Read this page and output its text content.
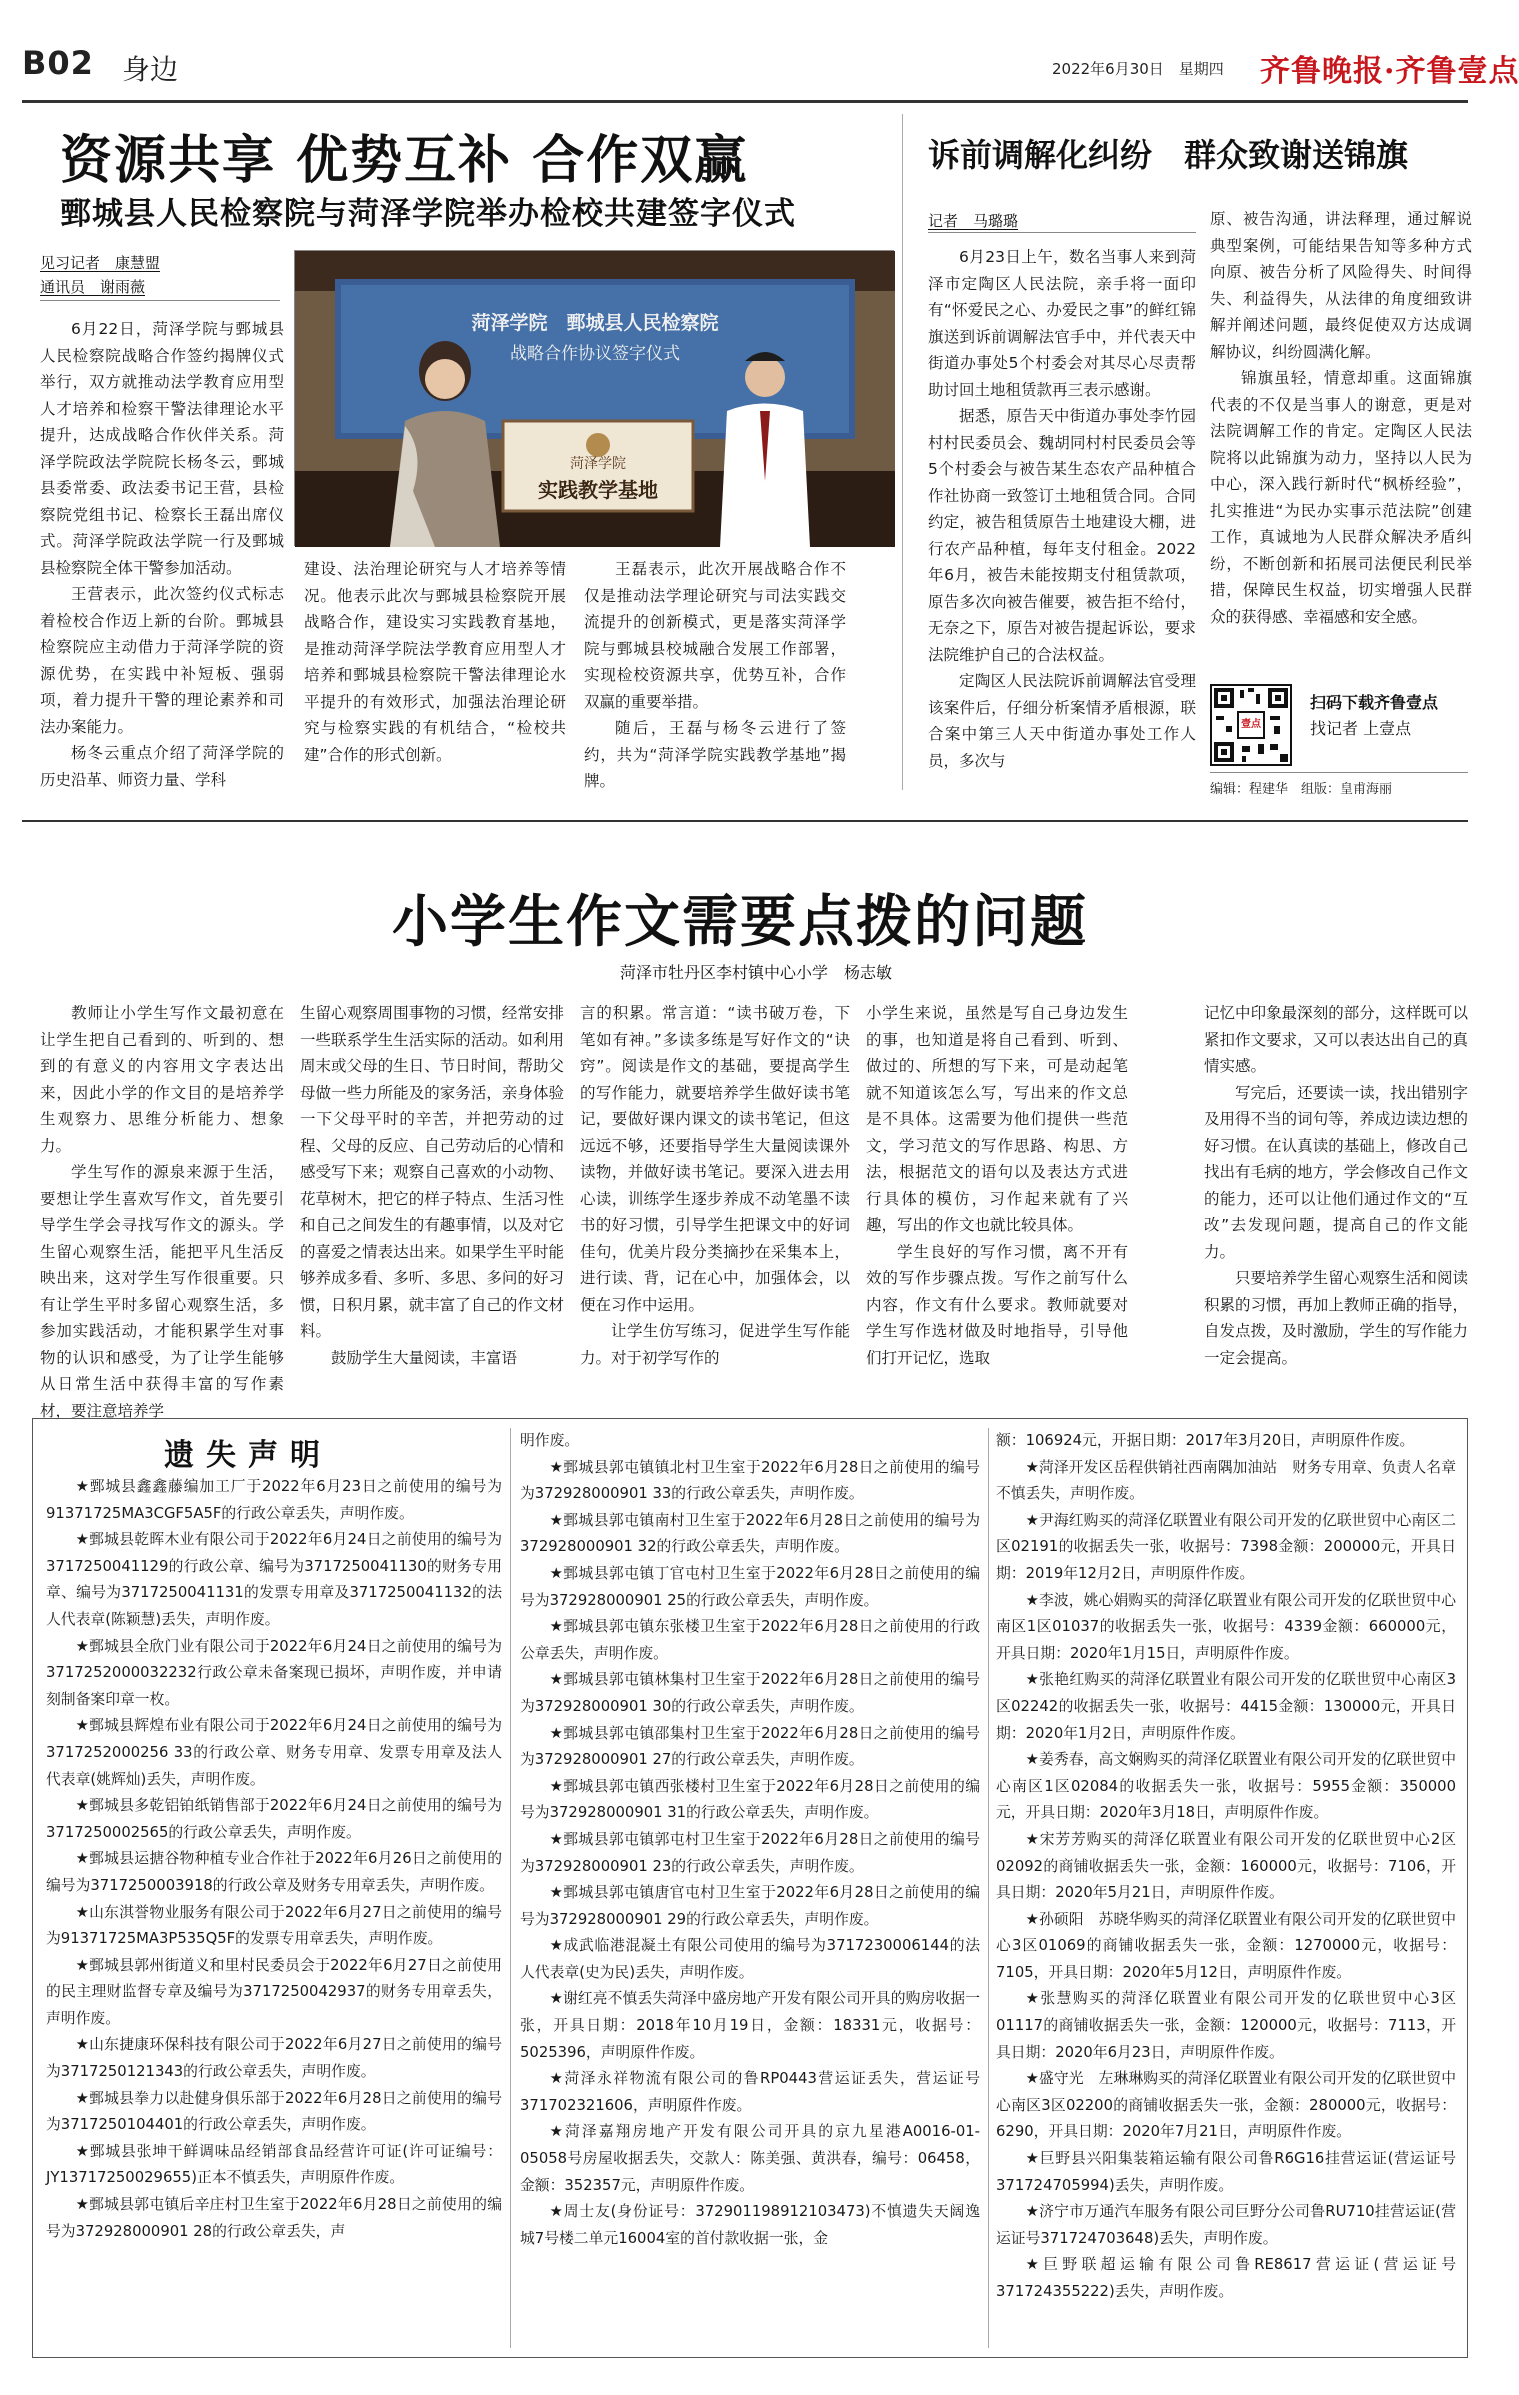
B02 身边	2022年6月30日　星期四 齐鲁晚报·齐鲁壹点
资源共享 优势互补 合作双赢
鄄城县人民检察院与菏泽学院举办检校共建签字仪式
见习记者　康慧盟
通讯员　谢雨薇
菏泽学院　鄄城县人民检察院
战略合作协议签字仪式
菏泽学院
实践教学基地

6月22日，菏泽学院与鄄城县人民检察院战略合作签约揭牌仪式举行，双方就推动法学教育应用型人才培养和检察干警法律理论水平提升，达成战略合作伙伴关系。菏泽学院政法学院院长杨冬云，鄄城县委常委、政法委书记王营，县检察院党组书记、检察长王磊出席仪式。菏泽学院政法学院一行及鄄城县检察院全体干警参加活动。

王营表示，此次签约仪式标志着检校合作迈上新的台阶。鄄城县检察院应主动借力于菏泽学院的资源优势，在实践中补短板、强弱项，着力提升干警的理论素养和司法办案能力。

杨冬云重点介绍了菏泽学院的历史沿革、师资力量、学科

建设、法治理论研究与人才培养等情况。他表示此次与鄄城县检察院开展战略合作，建设实习实践教育基地，是推动菏泽学院法学教育应用型人才培养和鄄城县检察院干警法律理论水平提升的有效形式，加强法治理论研究与检察实践的有机结合，“检校共建”合作的形式创新。

王磊表示，此次开展战略合作不仅是推动法学理论研究与司法实践交流提升的创新模式，更是落实菏泽学院与鄄城县校城融合发展工作部署，实现检校资源共享，优势互补，合作双赢的重要举措。

随后，王磊与杨冬云进行了签约，共为“菏泽学院实践教学基地”揭牌。

诉前调解化纠纷　群众致谢送锦旗
记者　马璐璐

6月23日上午，数名当事人来到菏泽市定陶区人民法院，亲手将一面印有“怀爱民之心、办爱民之事”的鲜红锦旗送到诉前调解法官手中，并代表天中街道办事处5个村委会对其尽心尽责帮助讨回土地租赁款再三表示感谢。

据悉，原告天中街道办事处李竹园村村民委员会、魏胡同村村民委员会等5个村委会与被告某生态农产品种植合作社协商一致签订土地租赁合同。合同约定，被告租赁原告土地建设大棚，进行农产品种植，每年支付租金。2022年6月，被告未能按期支付租赁款项，原告多次向被告催要，被告拒不给付，无奈之下，原告对被告提起诉讼，要求法院维护自己的合法权益。

定陶区人民法院诉前调解法官受理该案件后，仔细分析案情矛盾根源，联合案中第三人天中街道办事处工作人员，多次与

原、被告沟通，讲法释理，通过解说典型案例，可能结果告知等多种方式向原、被告分析了风险得失、时间得失、利益得失，从法律的角度细致讲解并阐述问题，最终促使双方达成调解协议，纠纷圆满化解。

锦旗虽轻，情意却重。这面锦旗代表的不仅是当事人的谢意，更是对法院调解工作的肯定。定陶区人民法院将以此锦旗为动力，坚持以人民为中心，深入践行新时代“枫桥经验”，扎实推进“为民办实事示范法院”创建工作，真诚地为人民群众解决矛盾纠纷，不断创新和拓展司法便民利民举措，保障民生权益，切实增强人民群众的获得感、幸福感和安全感。

壹点
扫码下载齐鲁壹点
找记者 上壹点
编辑：程建华　组版：皇甫海丽
小学生作文需要点拨的问题
菏泽市牡丹区李村镇中心小学　杨志敏

教师让小学生写作文最初意在让学生把自己看到的、听到的、想到的有意义的内容用文字表达出来，因此小学的作文目的是培养学生观察力、思维分析能力、想象力。

学生写作的源泉来源于生活，要想让学生喜欢写作文，首先要引导学生学会寻找写作文的源头。学生留心观察生活，能把平凡生活反映出来，这对学生写作很重要。只有让学生平时多留心观察生活，多参加实践活动，才能积累学生对事物的认识和感受，为了让学生能够从日常生活中获得丰富的写作素材，要注意培养学

生留心观察周围事物的习惯，经常安排一些联系学生生活实际的活动。如利用周末或父母的生日、节日时间，帮助父母做一些力所能及的家务活，亲身体验一下父母平时的辛苦，并把劳动的过程、父母的反应、自己劳动后的心情和感受写下来；观察自己喜欢的小动物、花草树木，把它的样子特点、生活习性和自己之间发生的有趣事情，以及对它的喜爱之情表达出来。如果学生平时能够养成多看、多听、多思、多问的好习惯，日积月累，就丰富了自己的作文材料。

鼓励学生大量阅读，丰富语

言的积累。常言道：“读书破万卷，下笔如有神。”多读多练是写好作文的“诀窍”。阅读是作文的基础，要提高学生的写作能力，就要培养学生做好读书笔记，要做好课内课文的读书笔记，但这远远不够，还要指导学生大量阅读课外读物，并做好读书笔记。要深入进去用心读，训练学生逐步养成不动笔墨不读书的好习惯，引导学生把课文中的好词佳句，优美片段分类摘抄在采集本上，进行读、背，记在心中，加强体会，以便在习作中运用。

让学生仿写练习，促进学生写作能力。对于初学写作的

小学生来说，虽然是写自己身边发生的事，也知道是将自己看到、听到、做过的、所想的写下来，可是动起笔就不知道该怎么写，写出来的作文总是不具体。这需要为他们提供一些范文，学习范文的写作思路、构思、方法，根据范文的语句以及表达方式进行具体的模仿，习作起来就有了兴趣，写出的作文也就比较具体。

学生良好的写作习惯，离不开有效的写作步骤点拨。写作之前写什么内容，作文有什么要求。教师就要对学生写作选材做及时地指导，引导他们打开记忆，选取

记忆中印象最深刻的部分，这样既可以紧扣作文要求，又可以表达出自己的真情实感。

写完后，还要读一读，找出错别字及用得不当的词句等，养成边读边想的好习惯。在认真读的基础上，修改自己找出有毛病的地方，学会修改自己作文的能力，还可以让他们通过作文的“互改”去发现问题，提高自己的作文能力。

只要培养学生留心观察生活和阅读积累的习惯，再加上教师正确的指导，自发点拨，及时激励，学生的写作能力一定会提高。

遗失声明

★鄄城县鑫鑫藤编加工厂于2022年6月23日之前使用的编号为91371725MA3CGF5A5F的行政公章丢失，声明作废。

★鄄城县乾晖木业有限公司于2022年6月24日之前使用的编号为3717250041129的行政公章、编号为3717250041130的财务专用章、编号为3717250041131的发票专用章及3717250041132的法人代表章(陈颖慧)丢失，声明作废。

★鄄城县全欣门业有限公司于2022年6月24日之前使用的编号为3717252000032232行政公章未备案现已损坏，声明作废，并申请刻制备案印章一枚。

★鄄城县辉煌布业有限公司于2022年6月24日之前使用的编号为3717252000256 33的行政公章、财务专用章、发票专用章及法人代表章(姚辉灿)丢失，声明作废。

★鄄城县多乾铝铂纸销售部于2022年6月24日之前使用的编号为3717250002565的行政公章丢失，声明作废。

★鄄城县运搪谷物种植专业合作社于2022年6月26日之前使用的编号为3717250003918的行政公章及财务专用章丢失，声明作废。

★山东淇誉物业服务有限公司于2022年6月27日之前使用的编号为91371725MA3P535Q5F的发票专用章丢失，声明作废。

★鄄城县郭州街道义和里村民委员会于2022年6月27日之前使用的民主理财监督专章及编号为3717250042937的财务专用章丢失，声明作废。

★山东捷康环保科技有限公司于2022年6月27日之前使用的编号为3717250121343的行政公章丢失，声明作废。

★鄄城县拳力以赴健身俱乐部于2022年6月28日之前使用的编号为3717250104401的行政公章丢失，声明作废。

★鄄城县张坤干鲜调味品经销部食品经营许可证(许可证编号：JY13717250029655)正本不慎丢失，声明原件作废。

★鄄城县郭屯镇后辛庄村卫生室于2022年6月28日之前使用的编号为372928000901 28的行政公章丢失，声

明作废。

★鄄城县郭屯镇镇北村卫生室于2022年6月28日之前使用的编号为372928000901 33的行政公章丢失，声明作废。

★鄄城县郭屯镇南村卫生室于2022年6月28日之前使用的编号为372928000901 32的行政公章丢失，声明作废。

★鄄城县郭屯镇丁官屯村卫生室于2022年6月28日之前使用的编号为372928000901 25的行政公章丢失，声明作废。

★鄄城县郭屯镇东张楼卫生室于2022年6月28日之前使用的行政公章丢失，声明作废。

★鄄城县郭屯镇林集村卫生室于2022年6月28日之前使用的编号为372928000901 30的行政公章丢失，声明作废。

★鄄城县郭屯镇邵集村卫生室于2022年6月28日之前使用的编号为372928000901 27的行政公章丢失，声明作废。

★鄄城县郭屯镇西张楼村卫生室于2022年6月28日之前使用的编号为372928000901 31的行政公章丢失，声明作废。

★鄄城县郭屯镇郭屯村卫生室于2022年6月28日之前使用的编号为372928000901 23的行政公章丢失，声明作废。

★鄄城县郭屯镇唐官屯村卫生室于2022年6月28日之前使用的编号为372928000901 29的行政公章丢失，声明作废。

★成武临港混凝土有限公司使用的编号为3717230006144的法人代表章(史为民)丢失，声明作废。

★谢红亮不慎丢失菏泽中盛房地产开发有限公司开具的购房收据一张，开具日期：2018年10月19日，金额：18331元，收据号：5025396，声明原件作废。

★菏泽永祥物流有限公司的鲁RP0443营运证丢失，营运证号371702321606，声明原件作废。

★菏泽嘉翔房地产开发有限公司开具的京九星港A0016-01-05058号房屋收据丢失，交款人：陈美强、黄洪春，编号：06458，金额：352357元，声明原件作废。

★周士友(身份证号：372901198912103473)不慎遗失天阔逸城7号楼二单元16004室的首付款收据一张，金

额：106924元，开据日期：2017年3月20日，声明原件作废。

★菏泽开发区岳程供销社西南隅加油站　财务专用章、负责人名章不慎丢失，声明作废。

★尹海红购买的菏泽亿联置业有限公司开发的亿联世贸中心南区二区02191的收据丢失一张，收据号：7398金额：200000元，开具日期：2019年12月2日，声明原件作废。

★李波，姚心娟购买的菏泽亿联置业有限公司开发的亿联世贸中心南区1区01037的收据丢失一张，收据号：4339金额：660000元，开具日期：2020年1月15日，声明原件作废。

★张艳红购买的菏泽亿联置业有限公司开发的亿联世贸中心南区3区02242的收据丢失一张，收据号：4415金额：130000元，开具日期：2020年1月2日，声明原件作废。

★姜秀春，高文娴购买的菏泽亿联置业有限公司开发的亿联世贸中心南区1区02084的收据丢失一张，收据号：5955金额：350000元，开具日期：2020年3月18日，声明原件作废。

★宋芳芳购买的菏泽亿联置业有限公司开发的亿联世贸中心2区02092的商铺收据丢失一张，金额：160000元，收据号：7106，开具日期：2020年5月21日，声明原件作废。

★孙硕阳　苏晓华购买的菏泽亿联置业有限公司开发的亿联世贸中心3区01069的商铺收据丢失一张，金额：1270000元，收据号：7105，开具日期：2020年5月12日，声明原件作废。

★张慧购买的菏泽亿联置业有限公司开发的亿联世贸中心3区01117的商铺收据丢失一张，金额：120000元，收据号：7113，开具日期：2020年6月23日，声明原件作废。

★盛守光　左琳琳购买的菏泽亿联置业有限公司开发的亿联世贸中心南区3区02200的商铺收据丢失一张，金额：280000元，收据号：6290，开具日期：2020年7月21日，声明原件作废。

★巨野县兴阳集装箱运输有限公司鲁R6G16挂营运证(营运证号371724705994)丢失，声明作废。

★济宁市万通汽车服务有限公司巨野分公司鲁RU710挂营运证(营运证号371724703648)丢失，声明作废。

★巨野联超运输有限公司鲁RE8617营运证(营运证号371724355222)丢失，声明作废。
